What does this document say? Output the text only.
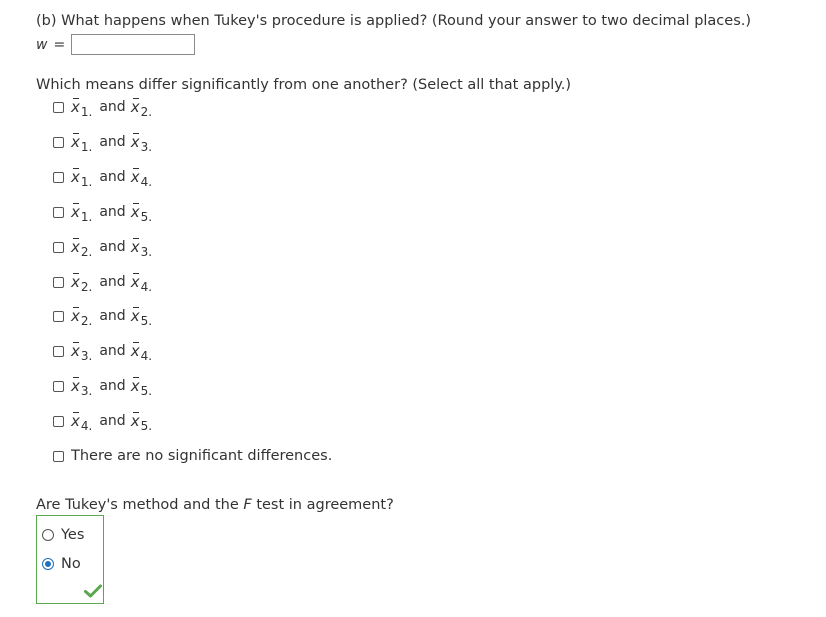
(b) What happens when Tukey's procedure is applied? (Round your answer to two decimal places.)
w =
Which means differ significantly from one another? (Select all that apply.)
x 1. and x 2.
x 1. and x 3.
x 1. and x 4.
x 1. and x 5.
x 2. and x 3.
x 2. and x 4.
x 2. and x 5.
x 3. and x 4.
x 3. and x 5.
x 4. and x 5.
There are no significant differences.
Are Tukey's method and the F test in agreement?
Yes
No
